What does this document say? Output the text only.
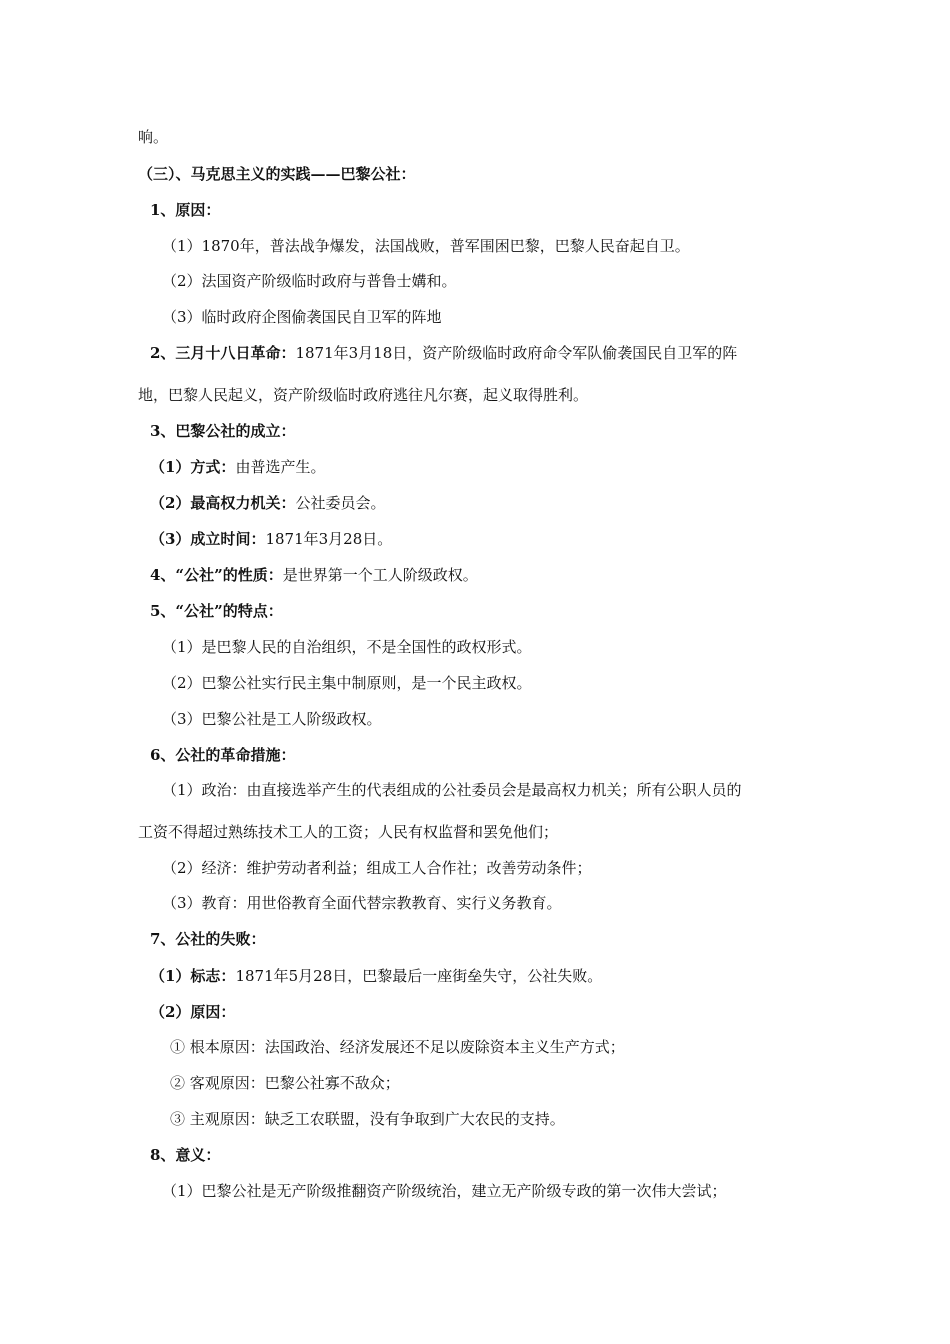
响。
（三）、马克思主义的实践——巴黎公社：
1、原因：
（1）1870年，普法战争爆发，法国战败，普军围困巴黎，巴黎人民奋起自卫。
（2）法国资产阶级临时政府与普鲁士媾和。
（3）临时政府企图偷袭国民自卫军的阵地
2、三月十八日革命：1871年3月18日，资产阶级临时政府命令军队偷袭国民自卫军的阵
地，巴黎人民起义，资产阶级临时政府逃往凡尔赛，起义取得胜利。
3、巴黎公社的成立：
（1）方式：由普选产生。
（2）最高权力机关：公社委员会。
（3）成立时间：1871年3月28日。
4、“公社”的性质：是世界第一个工人阶级政权。
5、“公社”的特点：
（1）是巴黎人民的自治组织，不是全国性的政权形式。
（2）巴黎公社实行民主集中制原则，是一个民主政权。
（3）巴黎公社是工人阶级政权。
6、公社的革命措施：
（1）政治：由直接选举产生的代表组成的公社委员会是最高权力机关；所有公职人员的
工资不得超过熟练技术工人的工资；人民有权监督和罢免他们；
（2）经济：维护劳动者利益；组成工人合作社；改善劳动条件；
（3）教育：用世俗教育全面代替宗教教育、实行义务教育。
7、公社的失败：
（1）标志：1871年5月28日，巴黎最后一座街垒失守，公社失败。
（2）原因：
① 根本原因：法国政治、经济发展还不足以废除资本主义生产方式；
② 客观原因：巴黎公社寡不敌众；
③ 主观原因：缺乏工农联盟，没有争取到广大农民的支持。
8、意义：
（1）巴黎公社是无产阶级推翻资产阶级统治，建立无产阶级专政的第一次伟大尝试；
